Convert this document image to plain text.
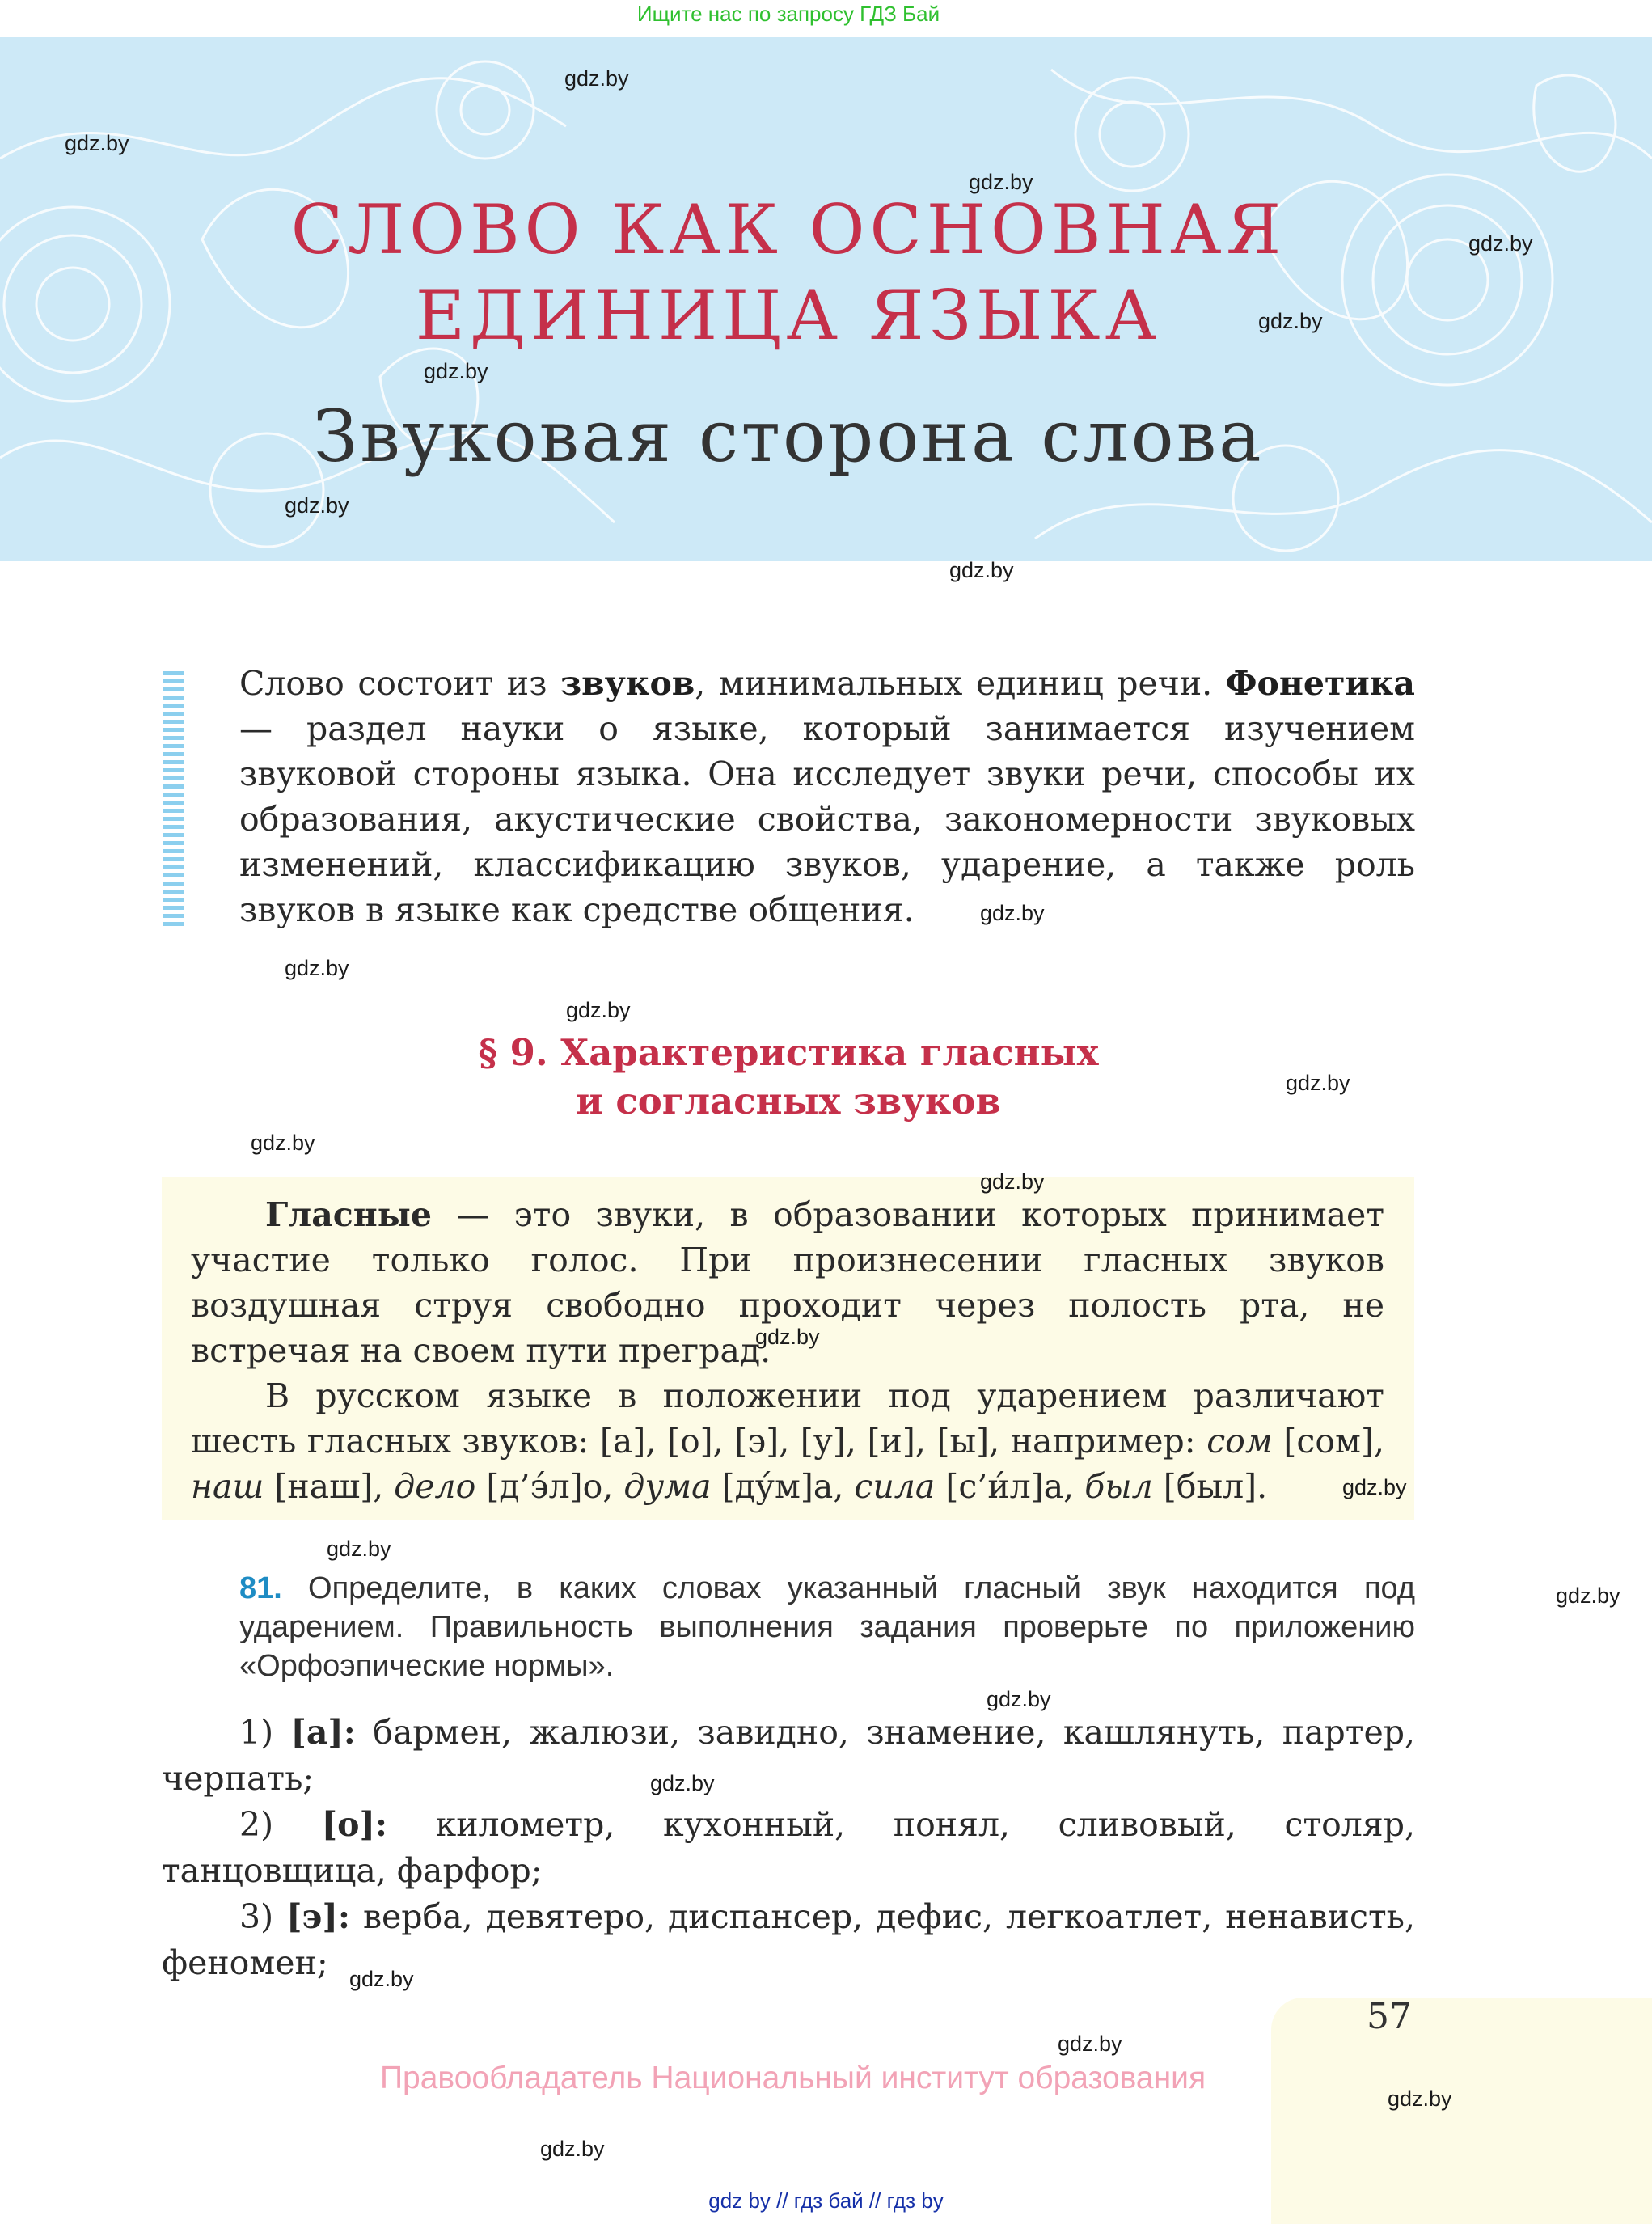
Ищите нас по запросу ГДЗ Бай
СЛОВО КАК ОСНОВНАЯ
ЕДИНИЦА ЯЗЫКА
Звуковая сторона слова
Слово состоит из звуков, минимальных единиц речи. Фонетика — раздел науки о языке, который занимается изучением звуковой стороны языка. Она исследует звуки речи, способы их образования, акустические свойства, закономерности звуковых изменений, классификацию звуков, ударение, а также роль звуков в языке как средстве общения.
§ 9. Характеристика гласных
и согласных звуков
Гласные — это звуки, в образовании которых принимает участие только голос. При произнесении гласных звуков воздушная струя свободно проходит через полость рта, не встречая на своем пути преград.
В русском языке в положении под ударением различают шесть гласных звуков: [а], [о], [э], [у], [и], [ы], например: сом [сом], наш [наш], дело [д’э́л]о, дума [ду́м]а, сила [с’и́л]а, был [был].
81. Определите, в каких словах указанный гласный звук находится под ударением. Правильность выполнения задания проверьте по приложению «Орфоэпические нормы».
1) [а]: бармен, жалюзи, завидно, знамение, кашлянуть, партер, черпать;
2) [о]: километр, кухонный, понял, сливовый, столяр, танцовщица, фарфор;
3) [э]: верба, девятеро, диспансер, дефис, легкоатлет, ненависть, феномен;
57
Правообладатель Национальный институт образования
gdz.by
gdz.by
gdz.by
gdz.by
gdz.by
gdz.by
gdz.by
gdz.by
gdz.by
gdz.by
gdz.by
gdz.by
gdz.by
gdz.by
gdz.by
gdz.by
gdz.by
gdz.by
gdz.by
gdz.by
gdz.by
gdz.by
gdz.by
gdz.by
gdz by // гдз бай // гдз by
